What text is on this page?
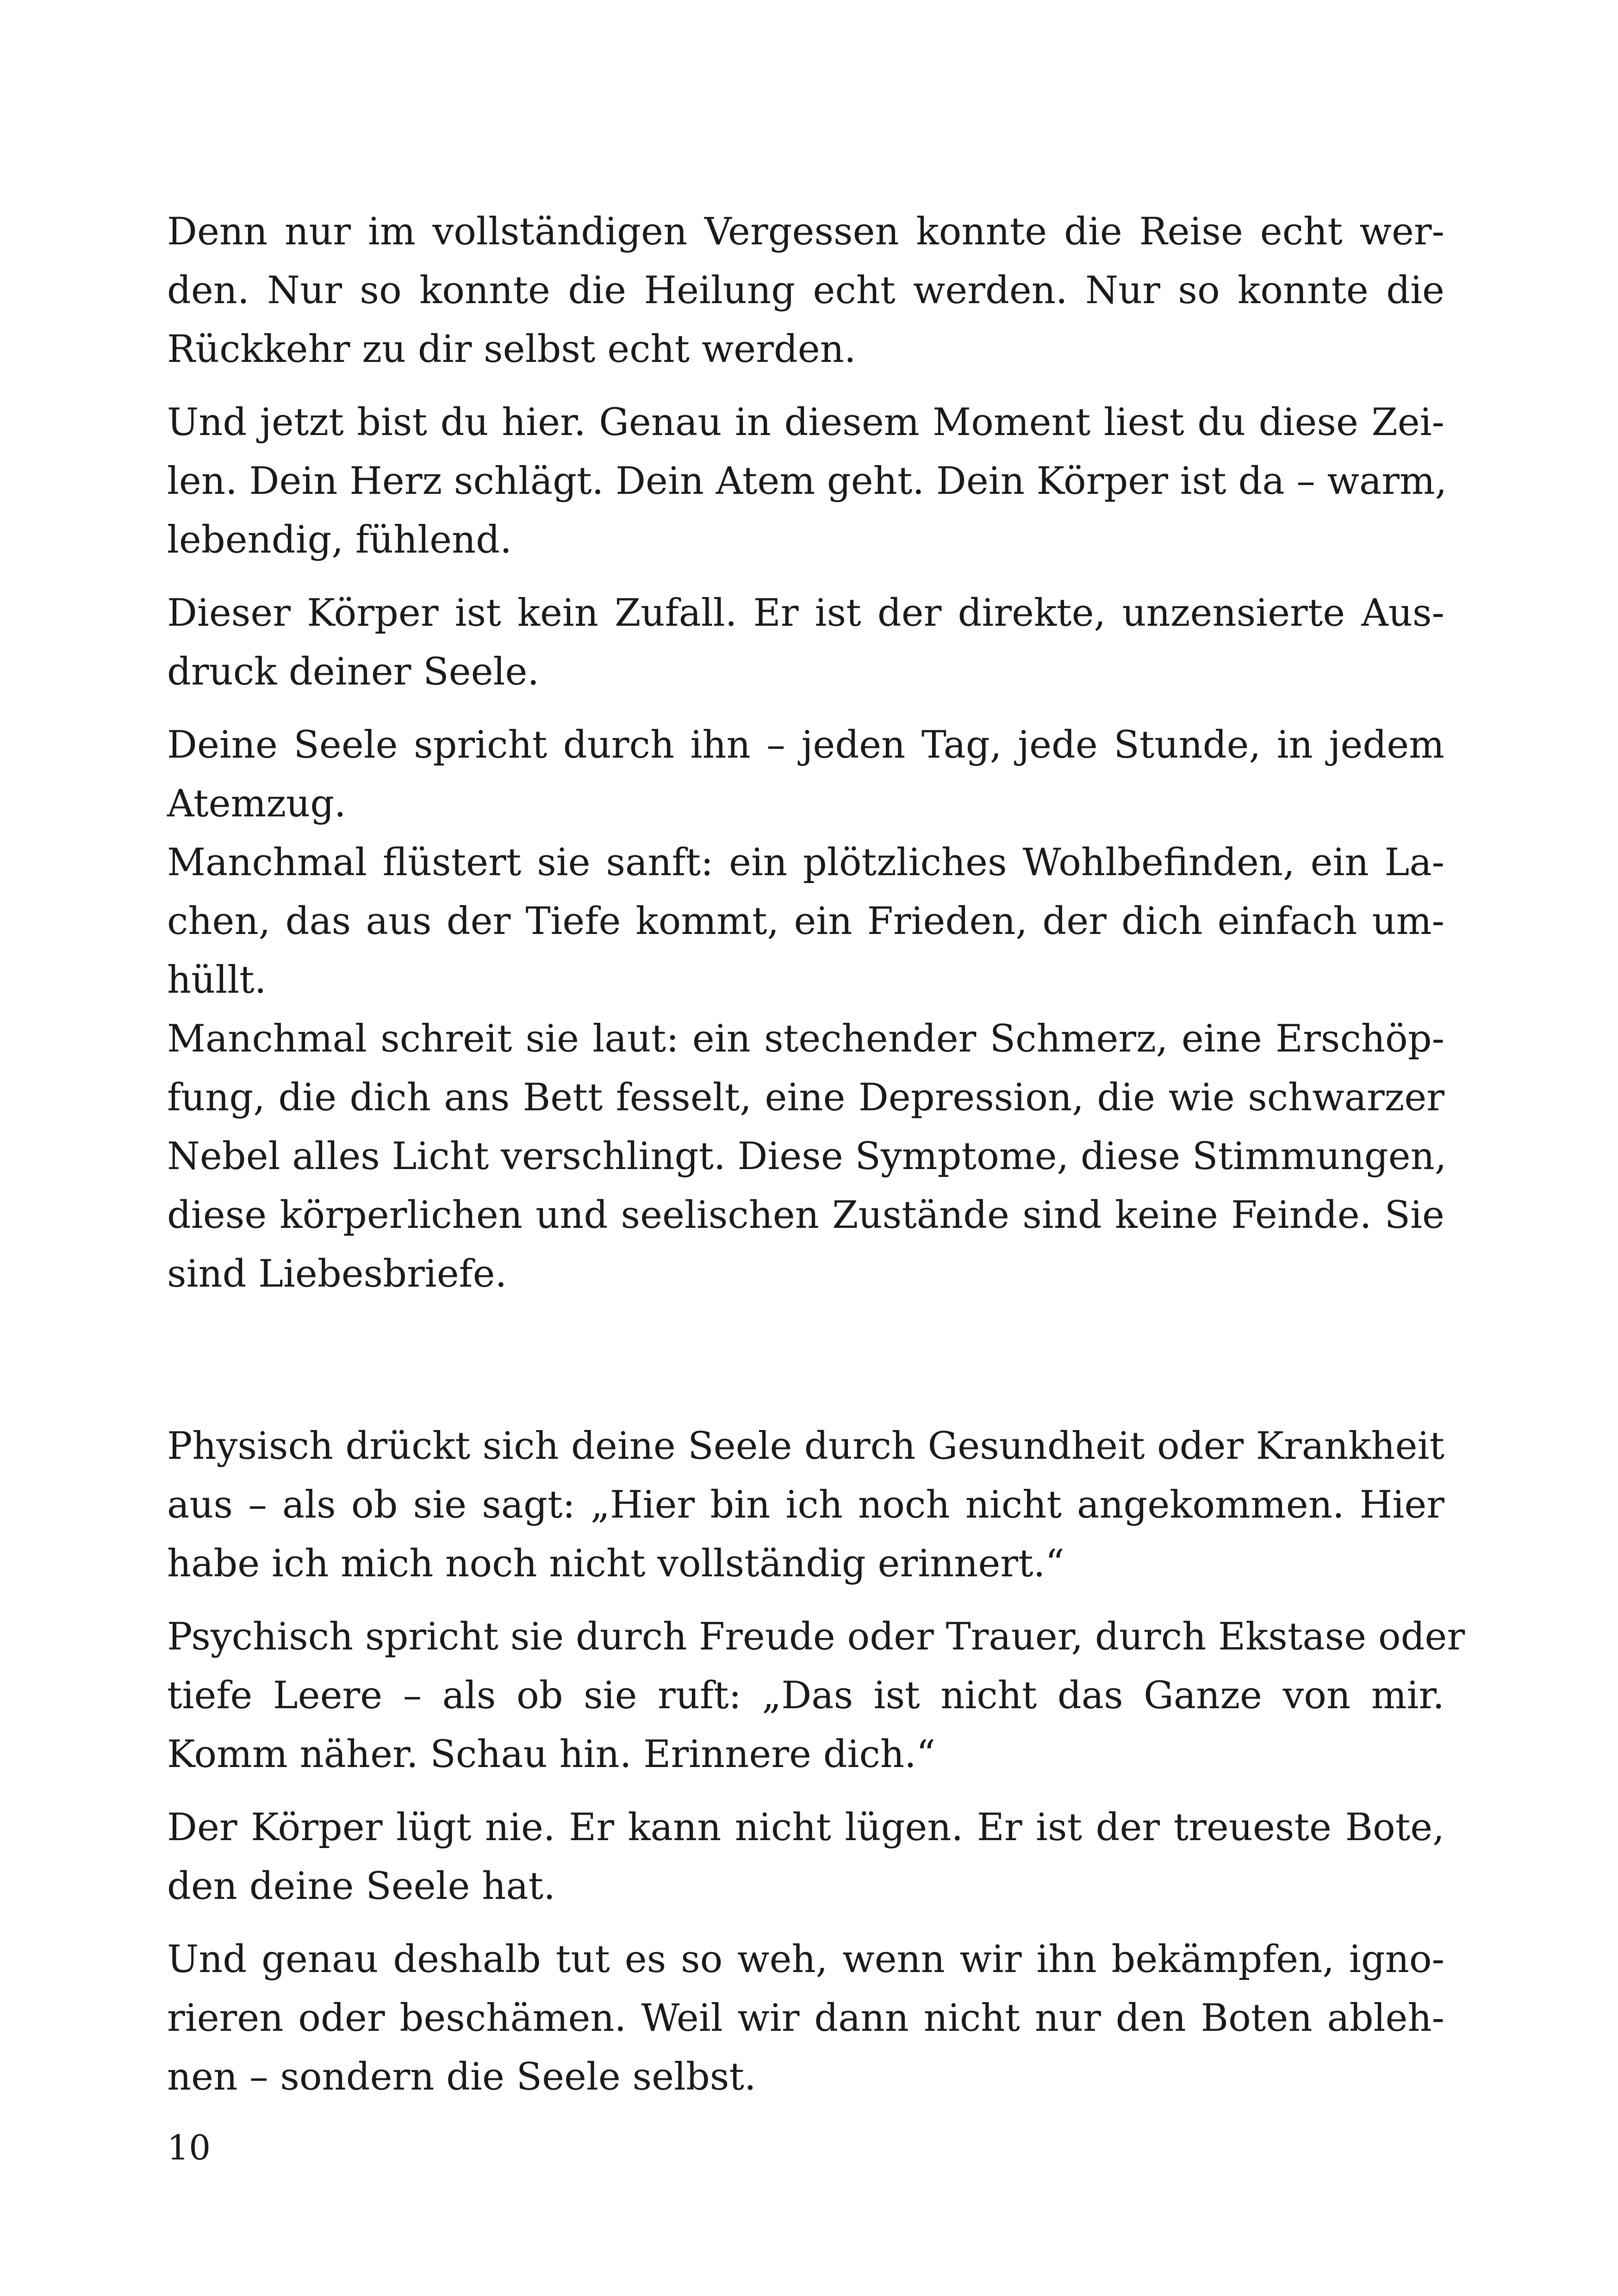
Denn nur im vollständigen Vergessen konnte die Reise echt wer-
den. Nur so konnte die Heilung echt werden. Nur so konnte die
Rückkehr zu dir selbst echt werden.

Und jetzt bist du hier. Genau in diesem Moment liest du diese Zei-
len. Dein Herz schlägt. Dein Atem geht. Dein Körper ist da – warm,
lebendig, fühlend.

Dieser Körper ist kein Zufall. Er ist der direkte, unzensierte Aus-
druck deiner Seele.

Deine Seele spricht durch ihn – jeden Tag, jede Stunde, in jedem
Atemzug.

Manchmal flüstert sie sanft: ein plötzliches Wohlbefinden, ein La-
chen, das aus der Tiefe kommt, ein Frieden, der dich einfach um-
hüllt.

Manchmal schreit sie laut: ein stechender Schmerz, eine Erschöp-
fung, die dich ans Bett fesselt, eine Depression, die wie schwarzer
Nebel alles Licht verschlingt. Diese Symptome, diese Stimmungen,
diese körperlichen und seelischen Zustände sind keine Feinde. Sie
sind Liebesbriefe.

Physisch drückt sich deine Seele durch Gesundheit oder Krankheit
aus – als ob sie sagt: „Hier bin ich noch nicht angekommen. Hier
habe ich mich noch nicht vollständig erinnert.“

Psychisch spricht sie durch Freude oder Trauer, durch Ekstase oder
tiefe Leere – als ob sie ruft: „Das ist nicht das Ganze von mir.
Komm näher. Schau hin. Erinnere dich.“

Der Körper lügt nie. Er kann nicht lügen. Er ist der treueste Bote,
den deine Seele hat.

Und genau deshalb tut es so weh, wenn wir ihn bekämpfen, igno-
rieren oder beschämen. Weil wir dann nicht nur den Boten ableh-
nen – sondern die Seele selbst.

10
